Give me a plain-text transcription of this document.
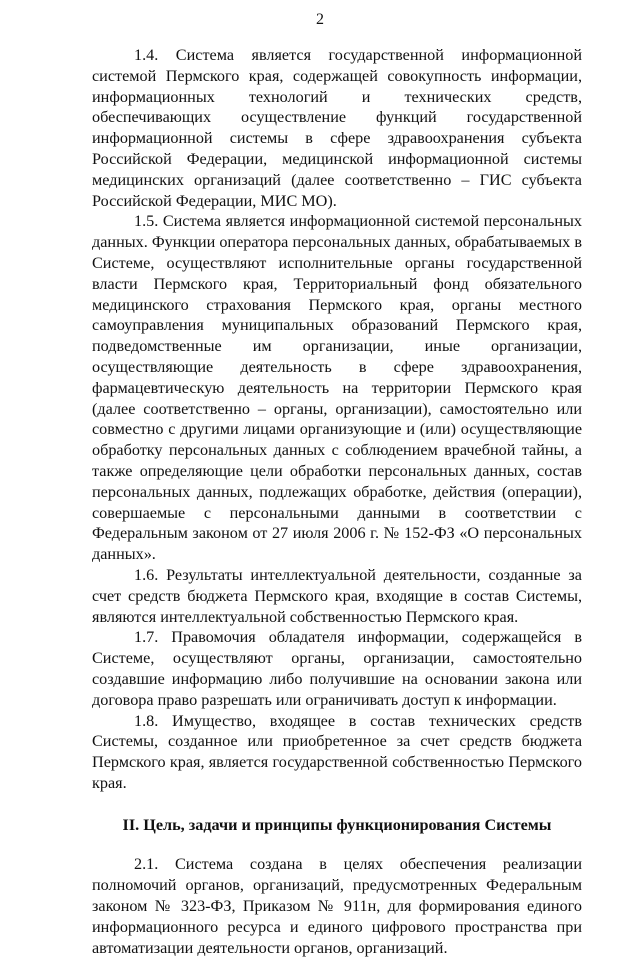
2

1.4. Система является государственной информационной системой Пермского края, содержащей совокупность информации, информационных технологий и технических средств, обеспечивающих осуществление функций государственной информационной системы в сфере здравоохранения субъекта Российской Федерации, медицинской информационной системы медицинских организаций (далее соответственно – ГИС субъекта Российской Федерации, МИС МО).

1.5. Система является информационной системой персональных данных. Функции оператора персональных данных, обрабатываемых в Системе, осуществляют исполнительные органы государственной власти Пермского края, Территориальный фонд обязательного медицинского страхования Пермского края, органы местного самоуправления муниципальных образований Пермского края, подведомственные им организации, иные организации, осуществляющие деятельность в сфере здравоохранения, фармацевтическую деятельность на территории Пермского края (далее соответственно – органы, организации), самостоятельно или совместно с другими лицами организующие и (или) осуществляющие обработку персональных данных с соблюдением врачебной тайны, а также определяющие цели обработки персональных данных, состав персональных данных, подлежащих обработке, действия (операции), совершаемые с персональными данными в соответствии с Федеральным законом от 27 июля 2006 г. № 152-ФЗ «О персональных данных».

1.6. Результаты интеллектуальной деятельности, созданные за счет средств бюджета Пермского края, входящие в состав Системы, являются интеллектуальной собственностью Пермского края.

1.7. Правомочия обладателя информации, содержащейся в Системе, осуществляют органы, организации, самостоятельно создавшие информацию либо получившие на основании закона или договора право разрешать или ограничивать доступ к информации.

1.8. Имущество, входящее в состав технических средств Системы, созданное или приобретенное за счет средств бюджета Пермского края, является государственной собственностью Пермского края.

II. Цель, задачи и принципы функционирования Системы

2.1. Система создана в целях обеспечения реализации полномочий органов, организаций, предусмотренных Федеральным законом № 323-ФЗ, Приказом № 911н, для формирования единого информационного ресурса и единого цифрового пространства при автоматизации деятельности органов, организаций.
